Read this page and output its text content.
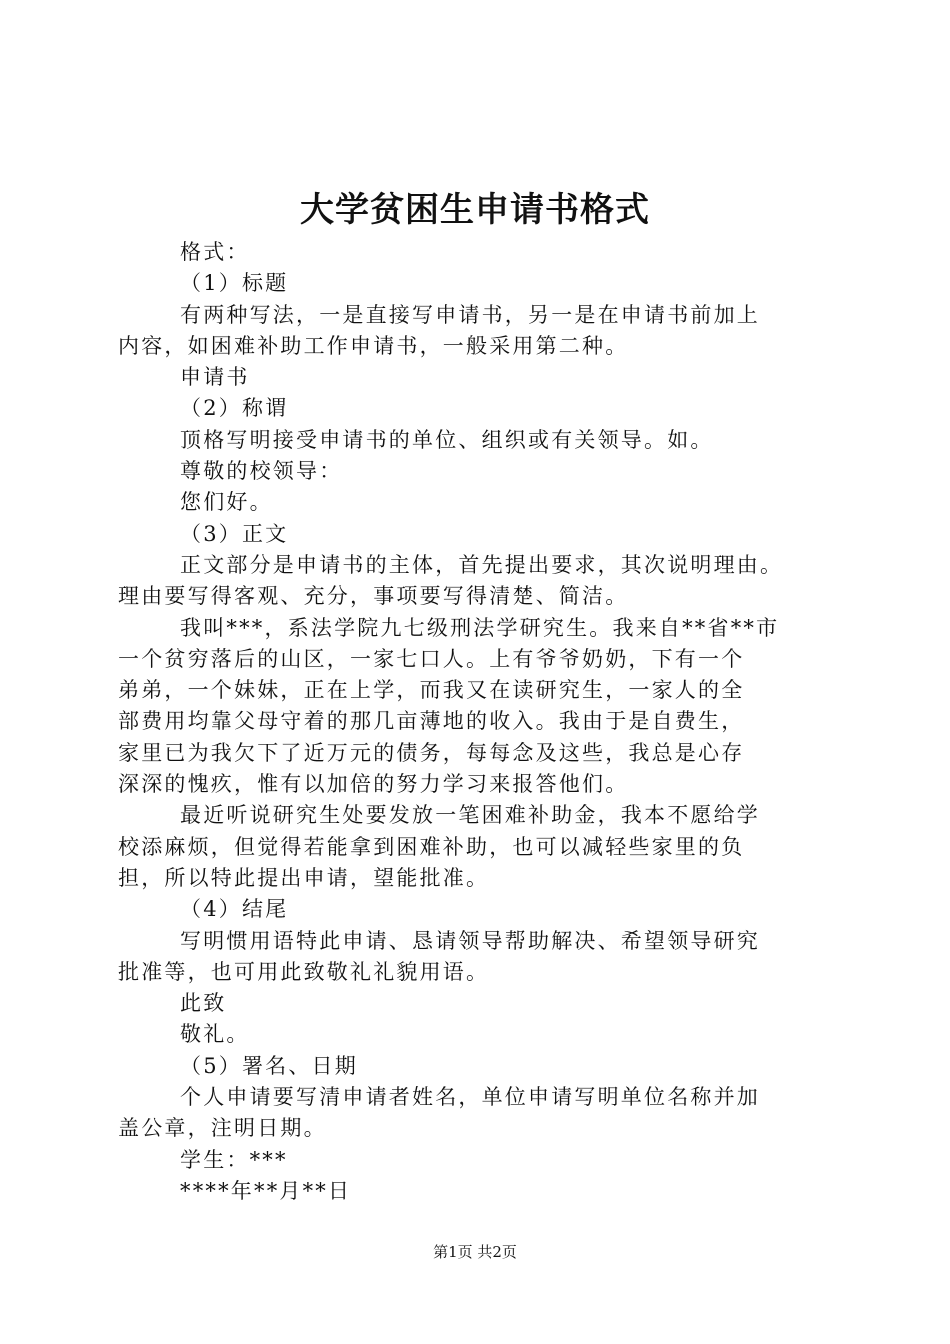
大学贫困生申请书格式
格式：
（1）标题
有两种写法，一是直接写申请书，另一是在申请书前加上
内容，如困难补助工作申请书，一般采用第二种。
申请书
（2）称谓
顶格写明接受申请书的单位、组织或有关领导。如。
尊敬的校领导：
您们好。
（3）正文
正文部分是申请书的主体，首先提出要求，其次说明理由。
理由要写得客观、充分，事项要写得清楚、简洁。
我叫***，系法学院九七级刑法学研究生。我来自**省**市
一个贫穷落后的山区，一家七口人。上有爷爷奶奶，下有一个
弟弟，一个妹妹，正在上学，而我又在读研究生，一家人的全
部费用均靠父母守着的那几亩薄地的收入。我由于是自费生，
家里已为我欠下了近万元的债务，每每念及这些，我总是心存
深深的愧疚，惟有以加倍的努力学习来报答他们。
最近听说研究生处要发放一笔困难补助金，我本不愿给学
校添麻烦，但觉得若能拿到困难补助，也可以减轻些家里的负
担，所以特此提出申请，望能批准。
（4）结尾
写明惯用语特此申请、恳请领导帮助解决、希望领导研究
批准等，也可用此致敬礼礼貌用语。
此致
敬礼。
（5）署名、日期
个人申请要写清申请者姓名，单位申请写明单位名称并加
盖公章，注明日期。
学生：***
****年**月**日
第1页 共2页
